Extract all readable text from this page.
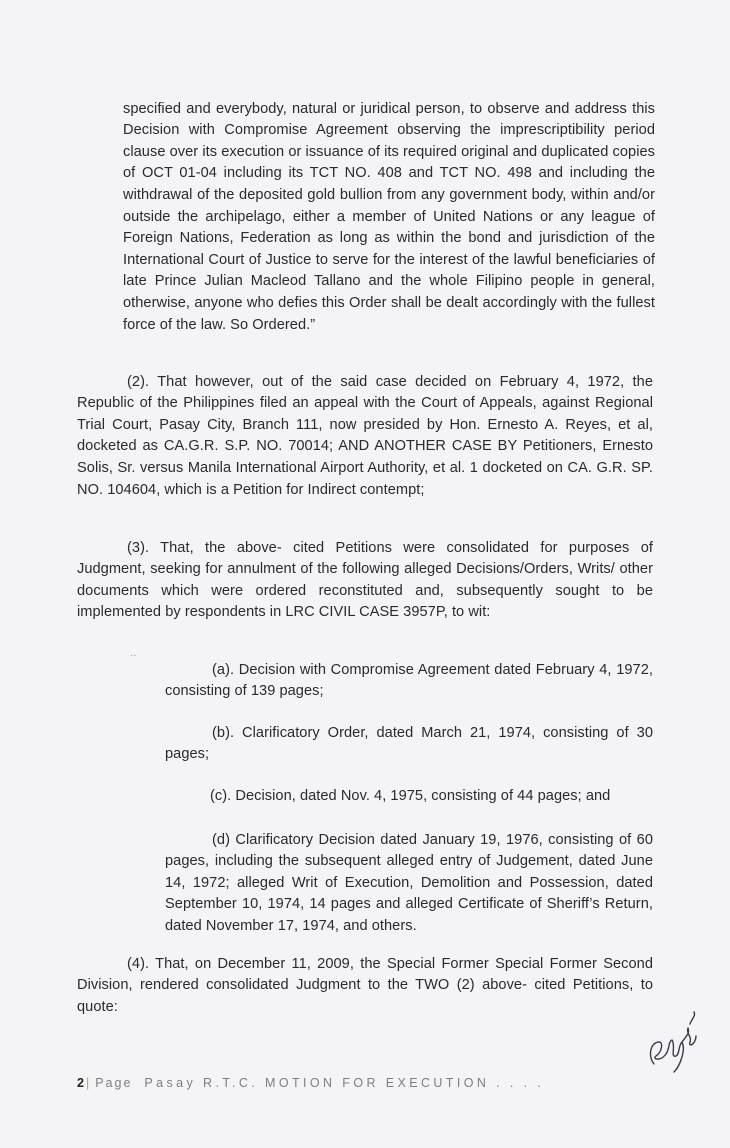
specified and everybody, natural or juridical person, to observe and address this Decision with Compromise Agreement observing the imprescriptibility period clause over its execution or issuance of its required original and duplicated copies of OCT 01-04 including its TCT NO. 408 and TCT NO. 498 and including the withdrawal of the deposited gold bullion from any government body, within and/or outside the archipelago, either a member of United Nations or any league of Foreign Nations, Federation as long as within the bond and jurisdiction of the International Court of Justice to serve for the interest of the lawful beneficiaries of late Prince Julian Macleod Tallano and the whole Filipino people in general, otherwise, anyone who defies this Order shall be dealt accordingly with the fullest force of the law. So Ordered.”

(2). That however, out of the said case decided on February 4, 1972, the Republic of the Philippines filed an appeal with the Court of Appeals, against Regional Trial Court, Pasay City, Branch 111, now presided by Hon. Ernesto A. Reyes, et al, docketed as CA.G.R. S.P. NO. 70014; AND ANOTHER CASE BY Petitioners, Ernesto Solis, Sr. versus Manila International Airport Authority, et al. 1 docketed on CA. G.R. SP. NO. 104604, which is a Petition for Indirect contempt;

(3). That, the above- cited Petitions were consolidated for purposes of Judgment, seeking for annulment of the following alleged Decisions/Orders, Writs/ other documents which were ordered reconstituted and, subsequently sought to be implemented by respondents in LRC CIVIL CASE 3957P, to wit:

‥

(a). Decision with Compromise Agreement dated February 4, 1972, consisting of 139 pages;

(b). Clarificatory Order, dated March 21, 1974, consisting of 30 pages;

(c). Decision, dated Nov. 4, 1975, consisting of 44 pages; and

(d) Clarificatory Decision dated January 19, 1976, consisting of 60 pages, including the subsequent alleged entry of Judgement, dated June 14, 1972; alleged Writ of Execution, Demolition and Possession, dated September 10, 1974, 14 pages and alleged Certificate of Sheriff’s Return, dated November 17, 1974, and others.

(4). That, on December 11, 2009, the Special Former Special Former Second Division, rendered consolidated Judgment to the TWO (2) above- cited Petitions, to quote:

2 | Page Pasay R.T.C. MOTION FOR EXECUTION . . . .
